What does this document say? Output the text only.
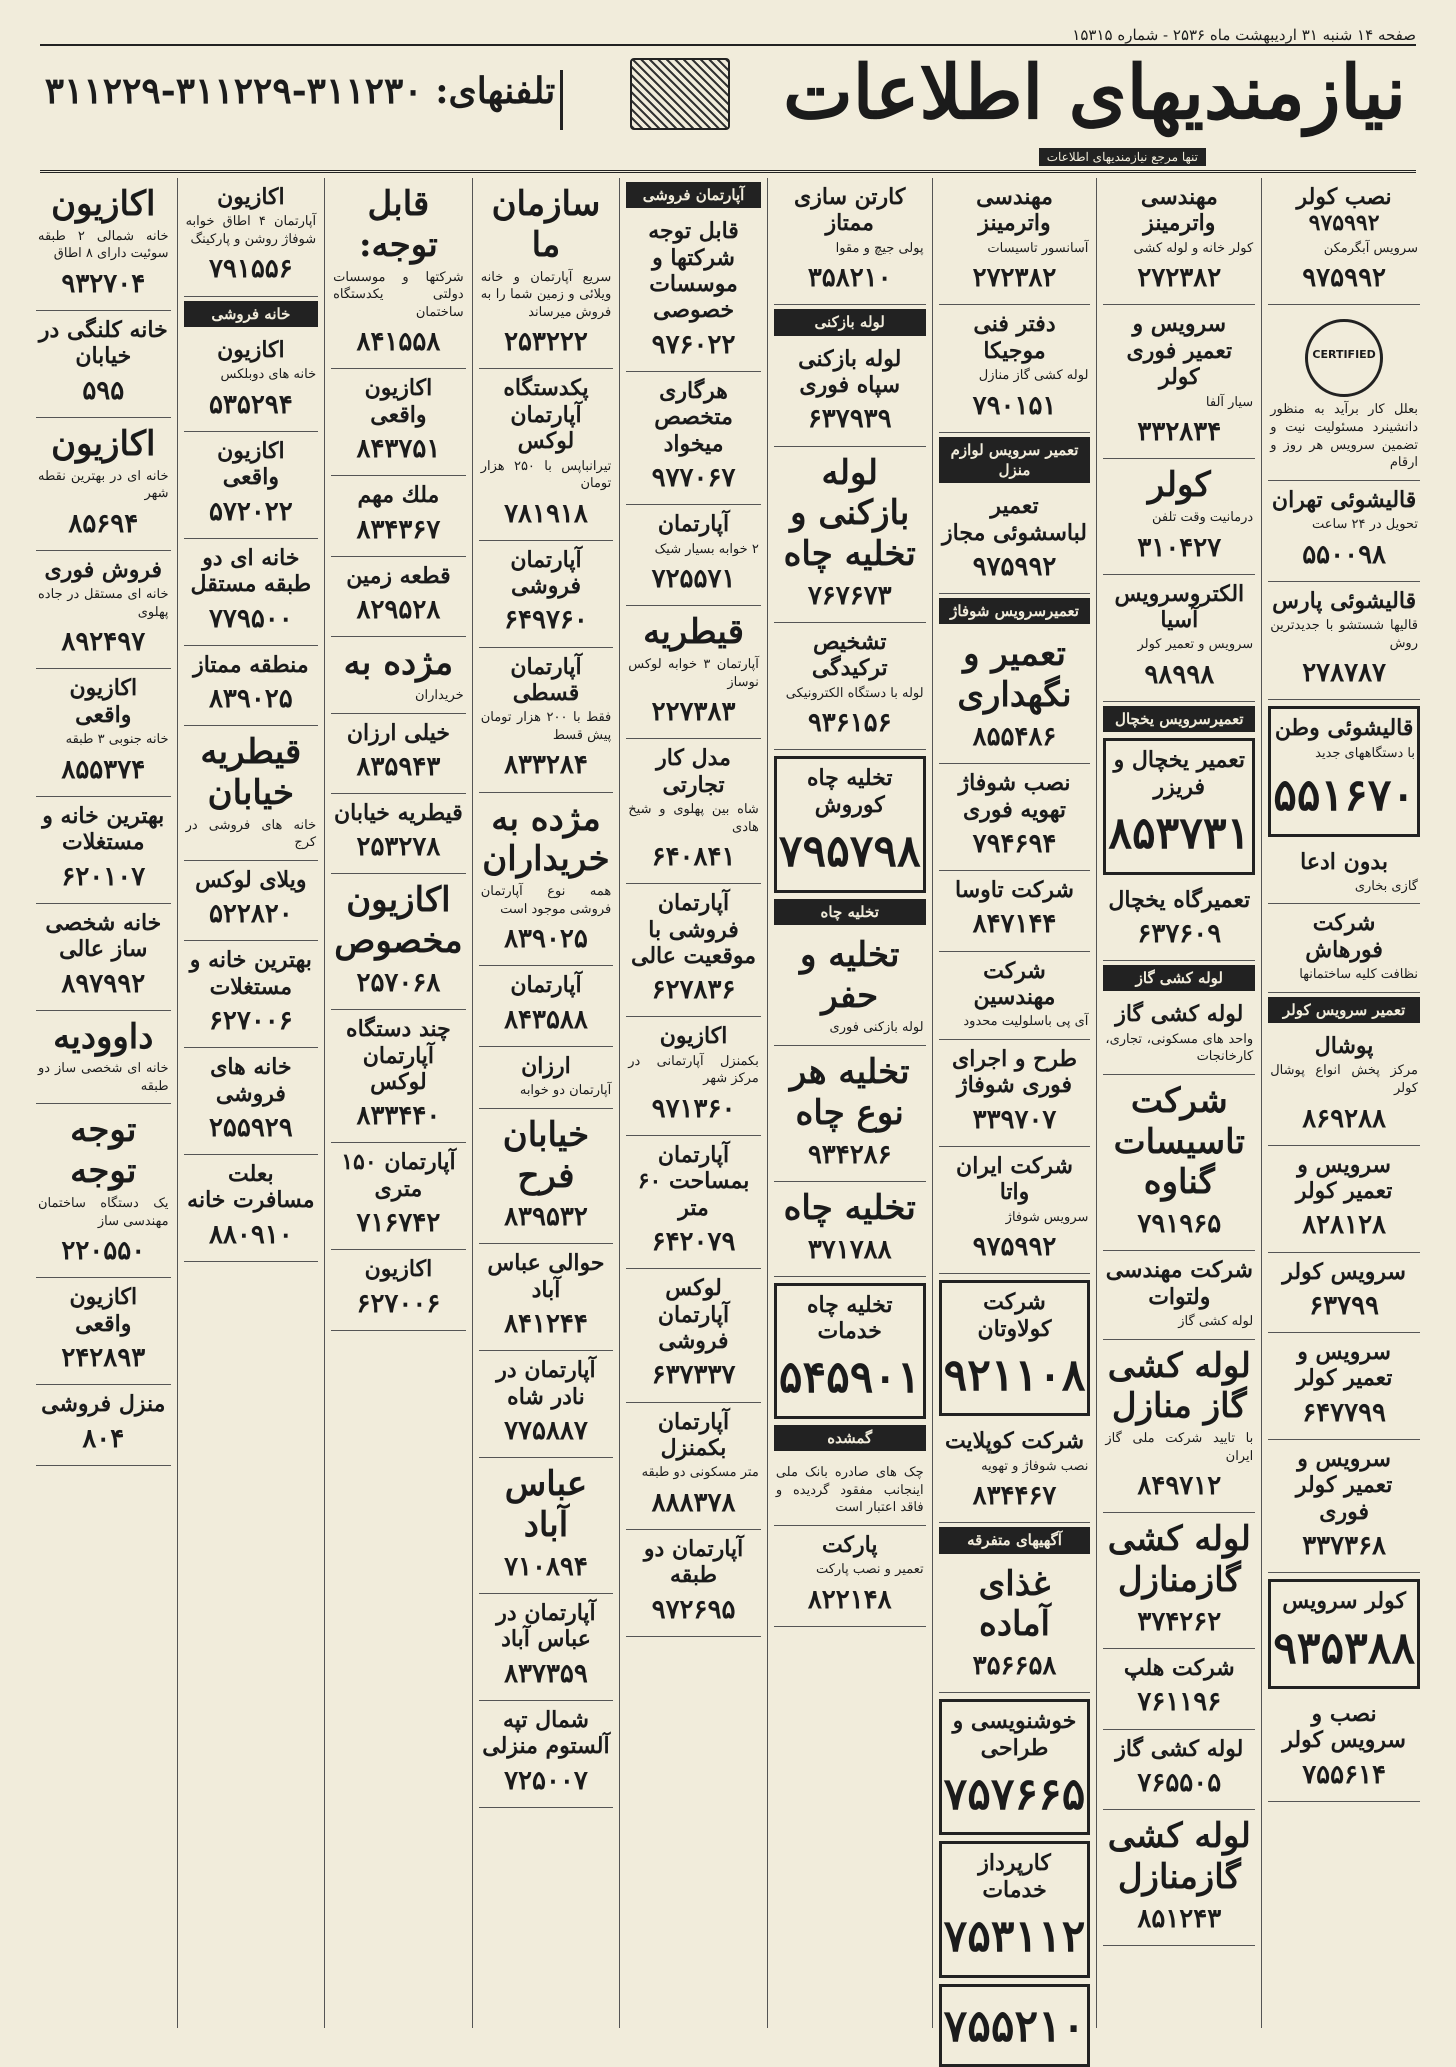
صفحه ۱۴ شنبه ۳۱ اردیبهشت ماه ۲۵۳۶ - شماره ۱۵۳۱۵
نیازمندیهای اطلاعات
تنها مرجع نیازمندیهای اطلاعات
تلفنهای: ۳۱۱۲۳۰-۳۱۱۲۲۹-۳۱۱۲۲۹
نصب کولر ۹۷۵۹۹۲
سرویس آبگرمکن
۹۷۵۹۹۲
CERTIFIED
بعلل کار برآید به منظور دانشینرد مسئولیت نیت و تضمین سرویس هر روز و ارقام
قالیشوئی تهران
تحویل در ۲۴ ساعت
۵۵۰۰۹۸
قالیشوئی پارس
قالیها شستشو با جدیدترین روش
۲۷۸۷۸۷
قالیشوئی وطن
با دستگاههای جدید
۵۵۱۶۷۰
بدون ادعا
گازی بخاری
شرکت فورهاش
نظافت کلیه ساختمانها
تعمیر سرویس کولر
پوشال
مرکز پخش انواع پوشال کولر
۸۶۹۲۸۸
سرویس و تعمیر کولر
۸۲۸۱۲۸
سرویس کولر
۶۳۷۹۹
سرویس و تعمیر کولر
۶۴۷۷۹۹
سرویس و تعمیر کولر فوری
۳۳۷۳۶۸
کولر سرویس
۹۳۵۳۸۸
نصب و سرویس کولر
۷۵۵۶۱۴
مهندسی واترمینز
کولر خانه و لوله کشی
۲۷۲۳۸۲
سرویس و تعمیر فوری کولر
سیار آلفا
۳۳۲۸۳۴
کولر
درمانیت وقت تلفن
۳۱۰۴۲۷
الکتروسرویس آسیا
سرویس و تعمیر کولر
۹۸۹۹۸
تعمیرسرویس یخچال
تعمیر یخچال و فریزر
۸۵۳۷۳۱
تعمیرگاه یخچال
۶۳۷۶۰۹
لوله کشی گاز
لوله کشی گاز
واحد های مسکونی، تجاری، کارخانجات
شرکت تاسیسات گناوه
۷۹۱۹۶۵
شرکت مهندسی ولتوات
لوله کشی گاز
لوله کشی گاز منازل
با تایید شرکت ملی گاز ایران
۸۴۹۷۱۲
لوله کشی گازمنازل
۳۷۴۲۶۲
شرکت هلپ
۷۶۱۱۹۶
لوله کشی گاز
۷۶۵۵۰۵
لوله کشی گازمنازل
۸۵۱۲۴۳
مهندسی واترمینز
آسانسور تاسیسات
۲۷۲۳۸۲
دفتر فنی موجیکا
لوله کشی گاز منازل
۷۹۰۱۵۱
تعمیر سرویس لوازم منزل
تعمیر لباسشوئی مجاز
۹۷۵۹۹۲
تعمیرسرویس شوفاژ
تعمیر و نگهداری
۸۵۵۴۸۶
نصب شوفاژ تهویه فوری
۷۹۴۶۹۴
شرکت تاوسا
۸۴۷۱۴۴
شرکت مهندسین
آی پی باسلولیت محدود
طرح و اجرای فوری شوفاژ
۳۳۹۷۰۷
شرکت ایران واتا
سرویس شوفاژ
۹۷۵۹۹۲
شرکت کولاوتان
۹۲۱۱۰۸
شرکت کوپلایت
نصب شوفاژ و تهویه
۸۳۴۴۶۷
آگهیهای متفرقه
غذای آماده
۳۵۶۶۵۸
خوشنویسی و طراحی
۷۵۷۶۶۵
کارپرداز خدمات
۷۵۳۱۱۲
۷۵۵۲۱۰
کارتن سازی ممتاز
پولی جیچ و مقوا
۳۵۸۲۱۰
لوله بازکنی
لوله بازکنی سپاه فوری
۶۳۷۹۳۹
لوله بازکنی و تخلیه چاه
۷۶۷۶۷۳
تشخیص ترکیدگی
لوله با دستگاه الکترونیکی
۹۳۶۱۵۶
تخلیه چاه کوروش
۷۹۵۷۹۸
تخلیه چاه
تخلیه و حفر
لوله بازکنی فوری
تخلیه هر نوع چاه
۹۳۴۲۸۶
تخلیه چاه
۳۷۱۷۸۸
تخلیه چاه خدمات
۵۴۵۹۰۱
گمشده
چک های صادره بانک ملی اینجانب مفقود گردیده و فاقد اعتبار است
پارکت
تعمیر و نصب پارکت
۸۲۲۱۴۸
آپارتمان فروشی
قابل توجه شرکتها و موسسات خصوصی
۹۷۶۰۲۲
هرگاری متخصص میخواد
۹۷۷۰۶۷
آپارتمان
۲ خوابه بسیار شیک
۷۲۵۵۷۱
قیطریه
آپارتمان ۳ خوابه لوکس نوساز
۲۲۷۳۸۳
مدل کار تجارتی
شاه بین پهلوی و شیخ هادی
۶۴۰۸۴۱
آپارتمان فروشی با موقعیت عالی
۶۲۷۸۳۶
اکازیون
بکمنزل آپارتمانی در مرکز شهر
۹۷۱۳۶۰
آپارتمان بمساحت ۶۰ متر
۶۴۲۰۷۹
لوکس آپارتمان فروشی
۶۳۷۳۳۷
آپارتمان بکمنزل
متر مسکونی دو طبقه
۸۸۸۳۷۸
آپارتمان دو طبقه
۹۷۲۶۹۵
سازمان ما
سریع آپارتمان و خانه ویلائی و زمین شما را به فروش میرساند
۲۵۳۲۲۲
پکدستگاه آپارتمان لوکس
تیرانباپس با ۲۵۰ هزار تومان
۷۸۱۹۱۸
آپارتمان فروشی
۶۴۹۷۶۰
آپارتمان قسطی
فقط با ۲۰۰ هزار تومان پیش قسط
۸۳۳۲۸۴
مژده به خریداران
همه نوع آپارتمان فروشی موجود است
۸۳۹۰۲۵
آپارتمان
۸۴۳۵۸۸
ارزان
آپارتمان دو خوابه
خیابان فرح
۸۳۹۵۳۲
حوالی عباس آباد
۸۴۱۲۴۴
آپارتمان در نادر شاه
۷۷۵۸۸۷
عباس آباد
۷۱۰۸۹۴
آپارتمان در عباس آباد
۸۳۷۳۵۹
شمال تپه آلستوم منزلی
۷۲۵۰۰۷
قابل توجه:
شرکتها و موسسات دولتی یکدستگاه ساختمان
۸۴۱۵۵۸
اکازیون واقعی
۸۴۳۷۵۱
ملك مهم
۸۳۴۳۶۷
قطعه زمین
۸۲۹۵۲۸
مژده به
خریداران
خیلی ارزان
۸۳۵۹۴۳
قیطریه خیابان
۲۵۳۲۷۸
اکازیون مخصوص
۲۵۷۰۶۸
چند دستگاه آپارتمان لوکس
۸۳۳۴۴۰
آپارتمان ۱۵۰ متری
۷۱۶۷۴۲
اکازیون
۶۲۷۰۰۶
اکازیون
آپارتمان ۴ اطاق خوابه شوفاژ روشن و پارکینگ
۷۹۱۵۵۶
خانه فروشی
اکازیون
خانه های دوبلکس
۵۳۵۲۹۴
اکازیون واقعی
۵۷۲۰۲۲
خانه ای دو طبقه مستقل
۷۷۹۵۰۰
منطقه ممتاز
۸۳۹۰۲۵
قیطریه خیابان
خانه های فروشی در کرج
ویلای لوکس
۵۲۲۸۲۰
بهترین خانه و مستغلات
۶۲۷۰۰۶
خانه های فروشی
۲۵۵۹۲۹
بعلت مسافرت خانه
۸۸۰۹۱۰
اکازیون
خانه شمالی ۲ طبقه سوئیت دارای ۸ اطاق
۹۳۲۷۰۴
خانه کلنگی در خیابان
۵۹۵
اکازیون
خانه ای در بهترین نقطه شهر
۸۵۶۹۴
فروش فوری
خانه ای مستقل در جاده پهلوی
۸۹۲۴۹۷
اکازیون واقعی
خانه جنوبی ۳ طبقه
۸۵۵۳۷۴
بهترین خانه و مستغلات
۶۲۰۱۰۷
خانه شخصی ساز عالی
۸۹۷۹۹۲
داوودیه
خانه ای شخصی ساز دو طبقه
توجه توجه
یک دستگاه ساختمان مهندسی ساز
۲۲۰۵۵۰
اکازیون واقعی
۲۴۲۸۹۳
منزل فروشی
۸۰۴
